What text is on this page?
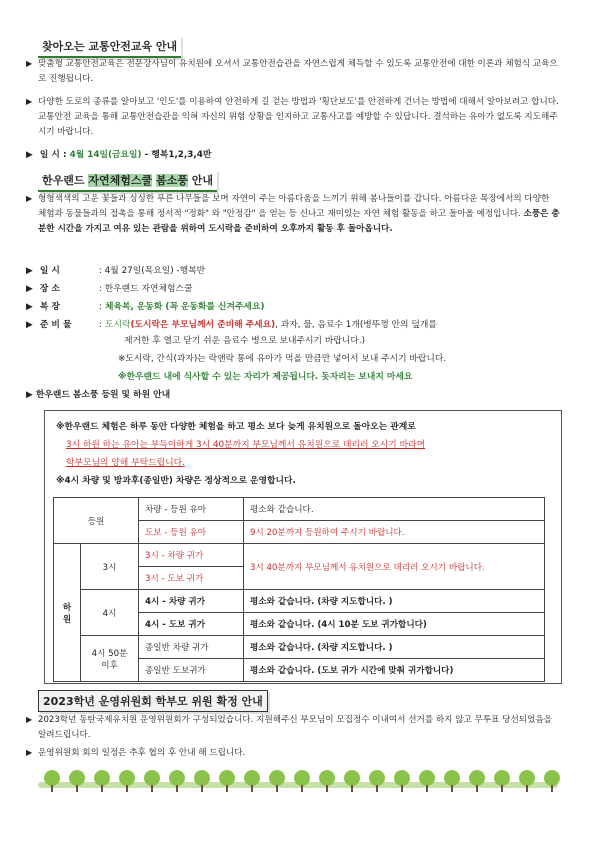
찾아오는 교통안전교육 안내
▶ 맞춤형 교통안전교육은 전문강사님이 유치원에 오셔서 교통안전습관을 자연스럽게 체득할 수 있도록 교통안전에 대한 이론과 체험식 교육으로 진행됩니다.
▶ 다양한 도로의 종류를 알아보고 '인도'를 이용하여 안전하게 길 걷는 방법과 '횡단보도'를 안전하게 건너는 방법에 대해서 알아보려고 합니다. 교통안전 교육을 통해 교통안전습관을 익혀 자신의 위험 상황을 인지하고 교통사고를 예방할 수 있답니다. 결석하는 유아가 없도록 지도해주시기 바랍니다.
▶ 일 시 : 4월 14일(금요일) - 행복1,2,3,4반
한우랜드 자연체험스쿨 봄소풍 안내
▶ 형형색색의 고운 꽃들과 싱싱한 푸른 나무들을 보며 자연이 주는 아름다움을 느끼기 위해 봄나들이를 갑니다. 아름다운 목장에서의 다양한 체험과 동물들과의 접촉을 통해 정서적 "정화" 와 "안정감" 을 얻는 등 신나고 재미있는 자연 체험 활동을 하고 돌아올 예정입니다. 소풍은 충분한 시간을 가지고 여유 있는 관람을 위하여 도시락을 준비하여 오후까지 활동 후 돌아옵니다.
▶ 일 시	: 4월 27일(목요일) -행복반
▶ 장 소	: 한우랜드 자연체험스쿨
▶ 복 장	: 체육복, 운동화 (꼭 운동화를 신겨주세요)
▶ 준 비 물	: 도시락(도시락은 부모님께서 준비해 주세요), 과자, 물, 음료수 1개(병뚜껑 안의 덮개를
제거한 후 열고 닫기 쉬운 음료수 병으로 보내주시기 바랍니다.)
※도시락, 간식(과자)는 락앤락 통에 유아가 먹을 만큼만 넣어서 보내 주시기 바랍니다.
※한우랜드 내에 식사할 수 있는 자리가 제공됩니다. 돗자리는 보내지 마세요
▶ 한우랜드 봄소풍 등원 및 하원 안내
※한우랜드 체험은 하루 동안 다양한 체험을 하고 평소 보다 늦게 유치원으로 돌아오는 관계로
3시 하원 하는 유아는 부득이하게 3시 40분까지 부모님께서 유치원으로 데리러 오시기 바라며
학부모님의 양해 부탁드립니다.
※4시 차량 및 방과후(종일반) 차량은 정상적으로 운영합니다.
등원		차량 - 등원 유아	평소와 같습니다.
		도보 - 등원 유아	9시 20분까지 등원하여 주시기 바랍니다.
하
원	3시	3시 - 차량 귀가	3시 40분까지 부모님께서 유치원으로 데리러 오시기 바랍니다.
		3시 - 도보 귀가	
	4시	4시 - 차량 귀가	평소와 같습니다. (차량 지도합니다. )
		4시 - 도보 귀가	평소와 같습니다. (4시 10분 도보 귀가합니다)
	4시 50분
이후	종일반 차량 귀가	평소와 같습니다. (차량 지도합니다. )
		종일반 도보귀가	평소와 같습니다. (도보 귀가 시간에 맞춰 귀가합니다)
2023학년 운영위원회 학부모 위원 확정 안내
▶ 2023학년 동탄국제유치원 운영위원회가 구성되었습니다. 지원해주신 부모님이 모집정수 이내여서 선거를 하지 않고 무투표 당선되었음을 알려드립니다.
▶ 운영위원회 회의 일정은 추후 협의 후 안내 해 드립니다.
